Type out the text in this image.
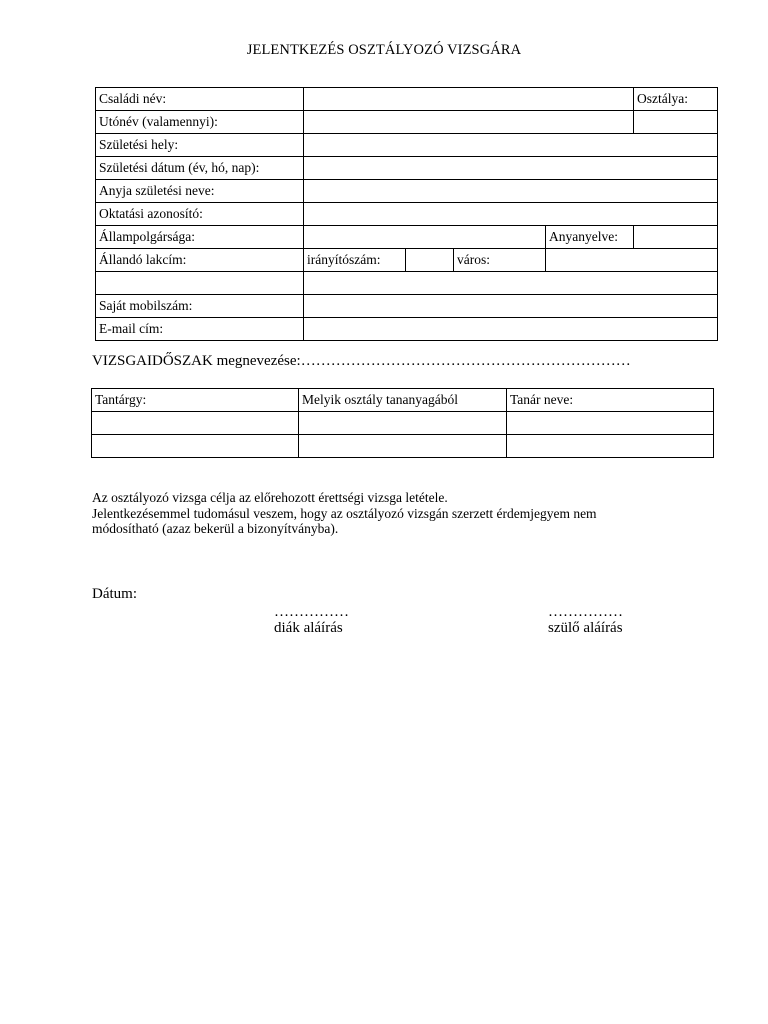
JELENTKEZÉS OSZTÁLYOZÓ VIZSGÁRA
Családi név:					Osztálya:
Utónév (valamennyi):					
Születési hely:					
Születési dátum (év, hó, nap):					
Anyja születési neve:					
Oktatási azonosító:					
Állampolgársága:				Anyanyelve:	
Állandó lakcím:	irányítószám:		város:		

Saját mobilszám:					
E-mail cím:					
VIZSGAIDŐSZAK megnevezése:…………………………………………………………
Tantárgy:	Melyik osztály tananyagából	Tanár neve:

Az osztályozó vizsga célja az előrehozott érettségi vizsga letétele.
Jelentkezésemmel tudomásul veszem, hogy az osztályozó vizsgán szerzett érdemjegyem nem
módosítható (azaz bekerül a bizonyítványba).
Dátum:
……………
diák aláírás
……………
szülő aláírás
